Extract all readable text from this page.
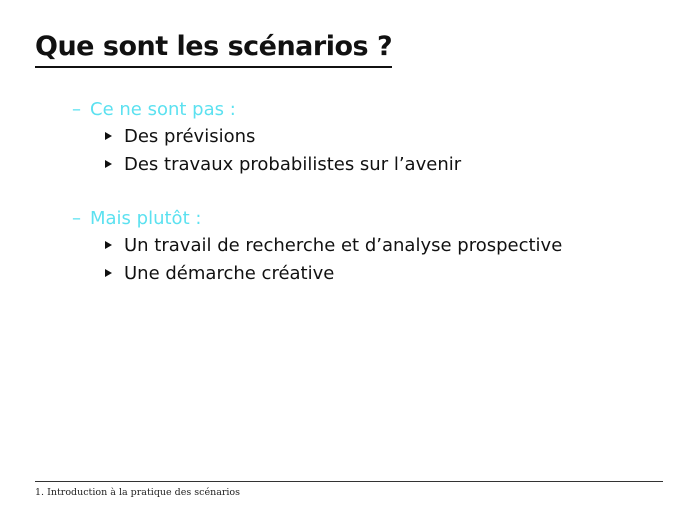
Que sont les scénarios ?
– Ce ne sont pas :
Des prévisions
Des travaux probabilistes sur l’avenir
– Mais plutôt :
Un travail de recherche et d’analyse prospective
Une démarche créative
1. Introduction à la pratique des scénarios
